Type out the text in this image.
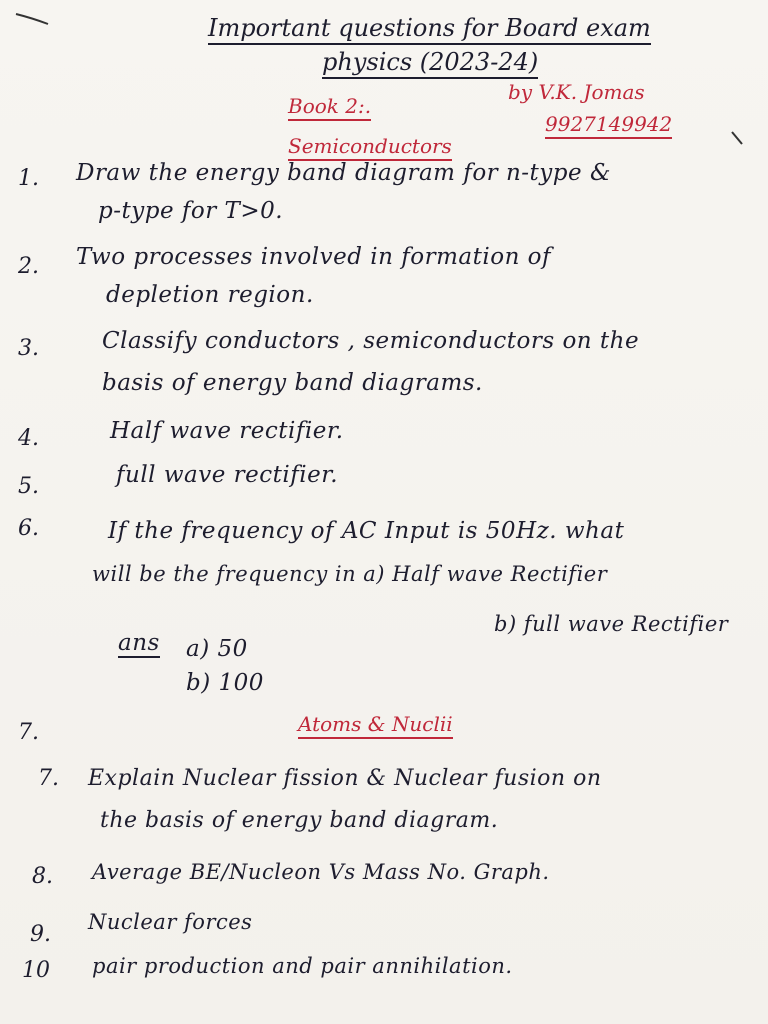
Important questions for Board exam
physics (2023-24)
Book 2:.
by V.K. Jomas
9927149942
Semiconductors
1. Draw the energy band diagram for n-type &
p-type for T>0.
2. Two processes involved in formation of
depletion region.
3.	Classify conductors , semiconductors on the
basis of energy band diagrams.
4.	Half wave rectifier.
5.	full wave rectifier.
6.	If the frequency of AC Input is 50Hz. what
will be the frequency in a) Half wave Rectifier
b) full wave Rectifier
ans a) 50
b) 100
7.	Atoms & Nuclii
7. Explain Nuclear fission & Nuclear fusion on
the basis of energy band diagram.
8. Average BE/Nucleon Vs Mass No. Graph.
9. Nuclear forces
10 pair production and pair annihilation.
